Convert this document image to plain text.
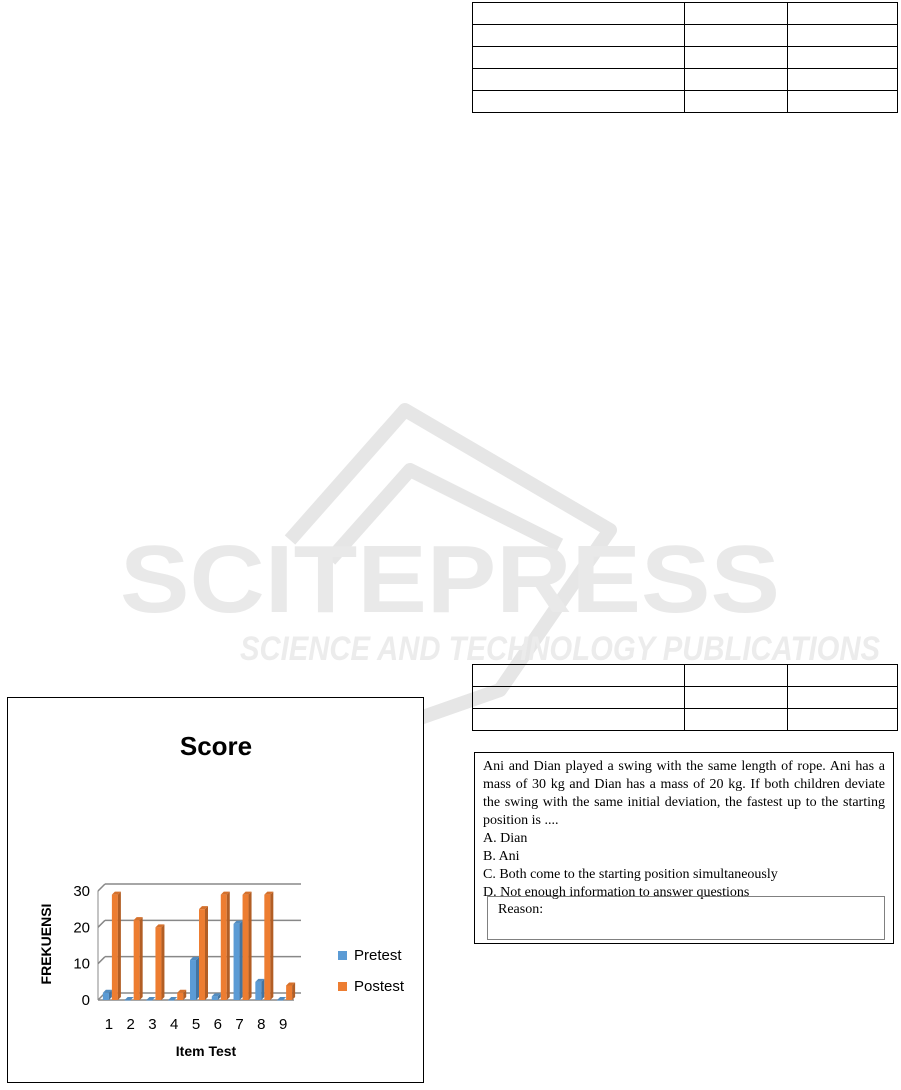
SCITEPRESS
SCIENCE AND TECHNOLOGY PUBLICATIONS

Ani and Dian played a swing with the same length of rope. Ani has a mass of 30 kg and Dian has a mass of 20 kg. If both children deviate the swing with the same initial deviation, the fastest up to the starting position is ....

A. Dian

B. Ani

C. Both come to the starting position simultaneously

D. Not enough information to answer questions

Reason:
Score
FREKUENSI
Item Test
0
10
20
30
1 2 3 4 5 6 7 8 9
Pretest
Postest
